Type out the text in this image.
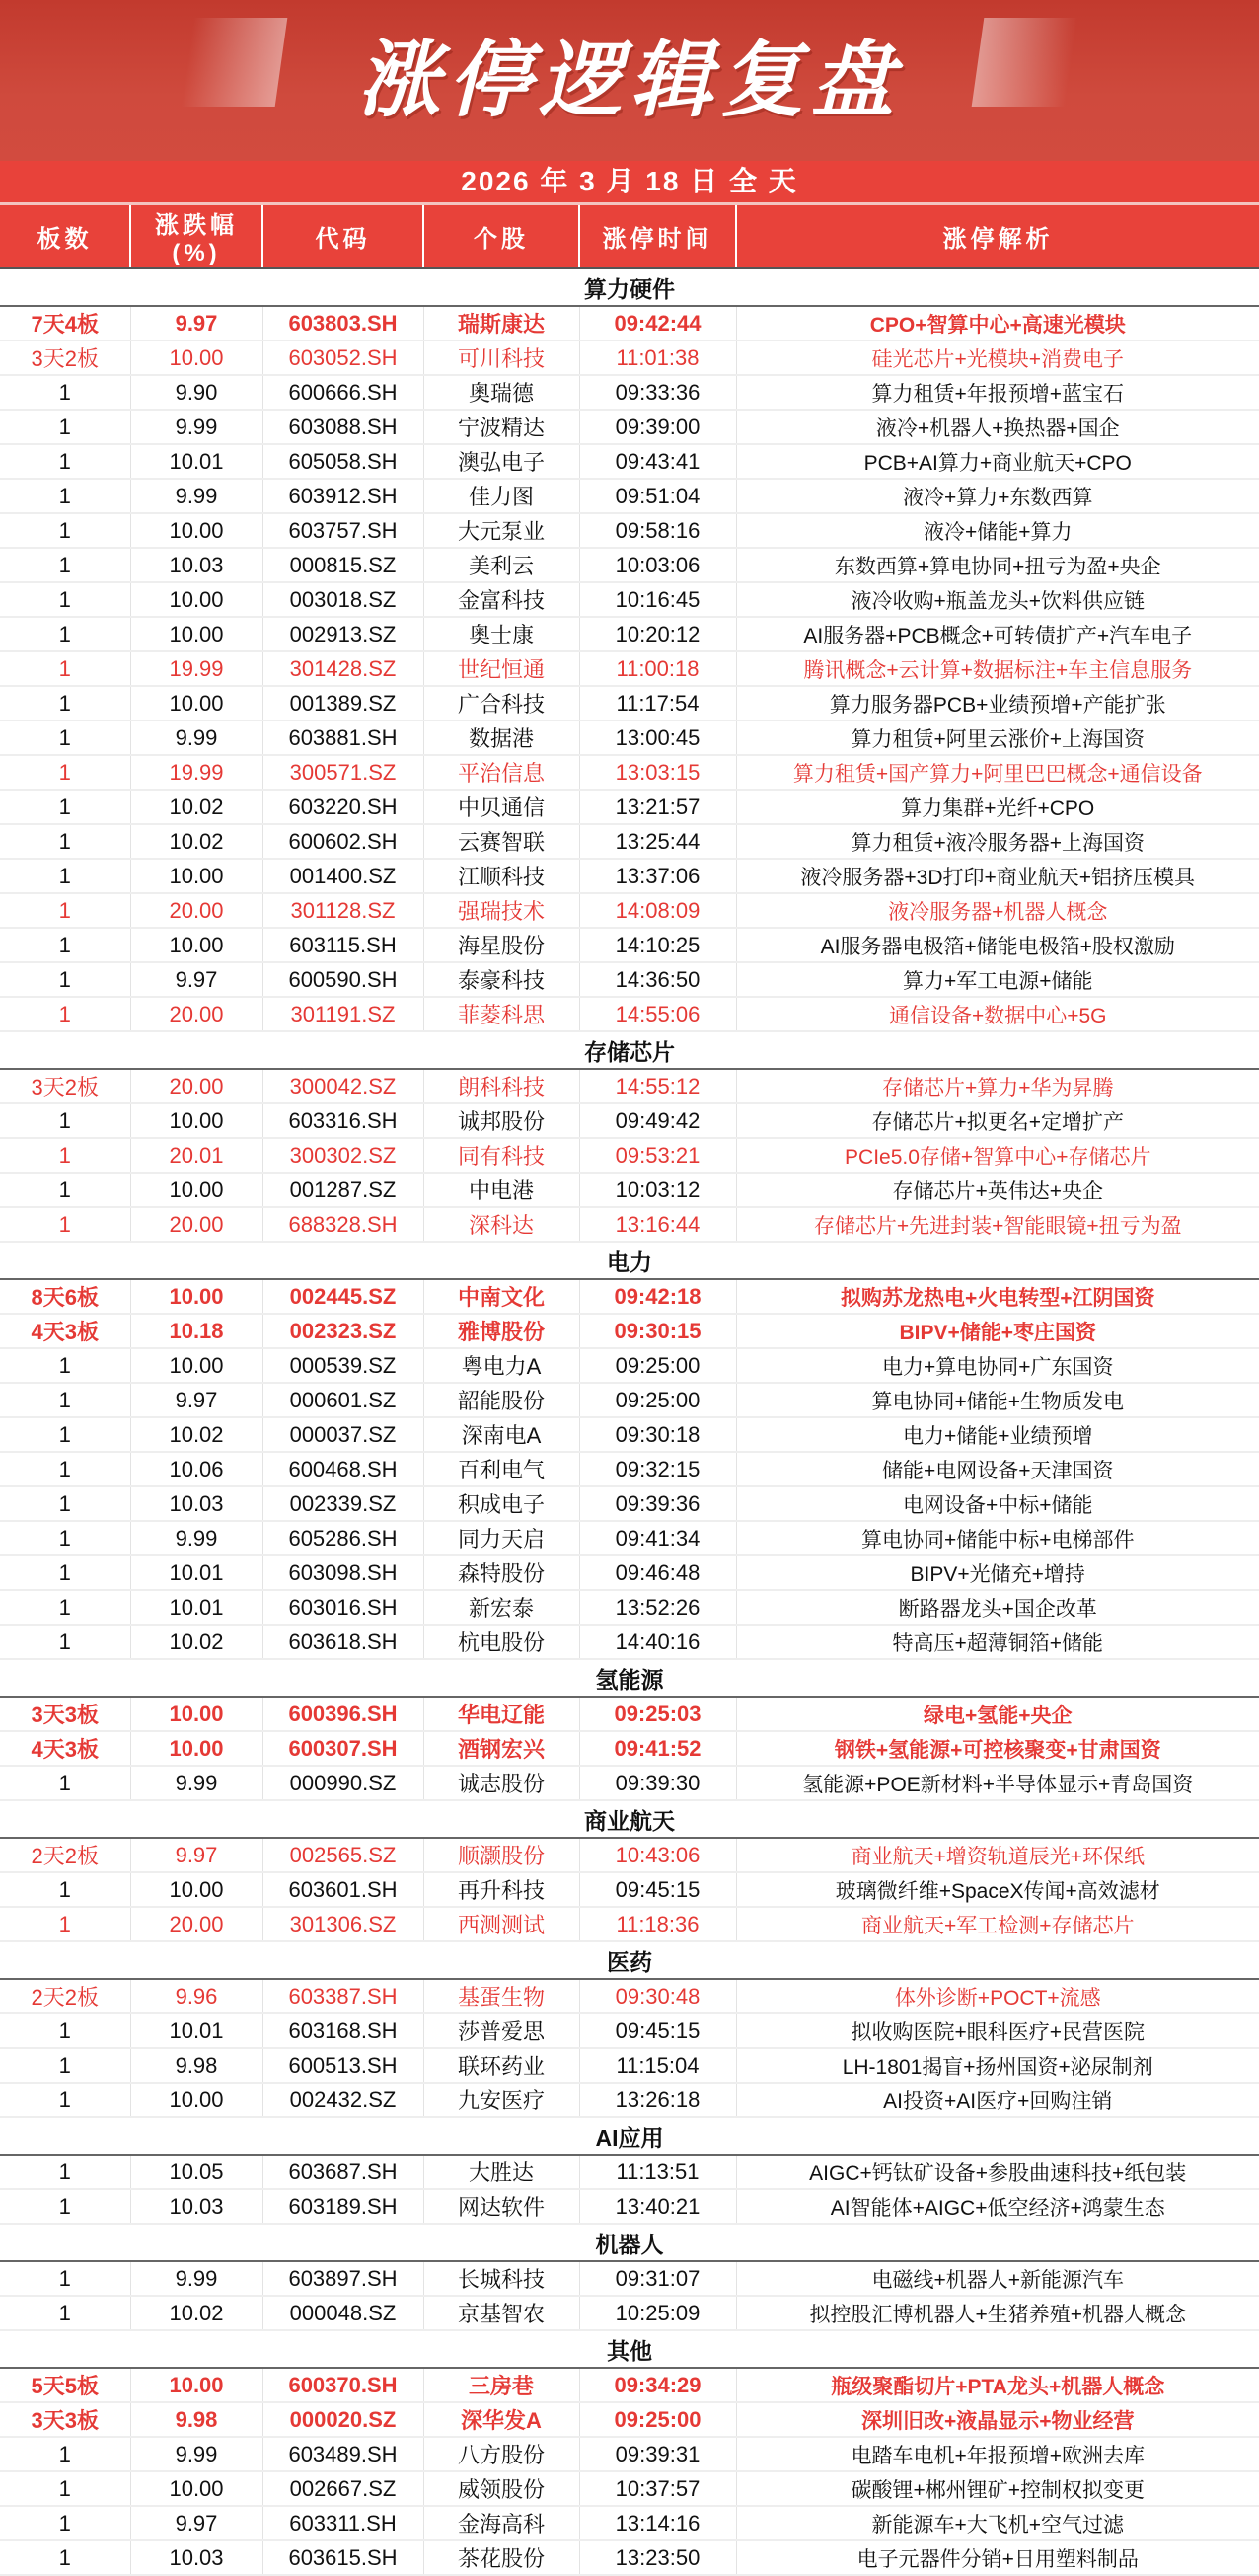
涨停逻辑复盘
2026 年 3 月 18 日 全 天
板数	涨跌幅(%)	代码	个股	涨停时间	涨停解析
算力硬件					
7天4板	9.97	603803.SH	瑞斯康达	09:42:44	CPO+智算中心+高速光模块
3天2板	10.00	603052.SH	可川科技	11:01:38	硅光芯片+光模块+消费电子
1	9.90	600666.SH	奥瑞德	09:33:36	算力租赁+年报预增+蓝宝石
1	9.99	603088.SH	宁波精达	09:39:00	液冷+机器人+换热器+国企
1	10.01	605058.SH	澳弘电子	09:43:41	PCB+AI算力+商业航天+CPO
1	9.99	603912.SH	佳力图	09:51:04	液冷+算力+东数西算
1	10.00	603757.SH	大元泵业	09:58:16	液冷+储能+算力
1	10.03	000815.SZ	美利云	10:03:06	东数西算+算电协同+扭亏为盈+央企
1	10.00	003018.SZ	金富科技	10:16:45	液冷收购+瓶盖龙头+饮料供应链
1	10.00	002913.SZ	奥士康	10:20:12	AI服务器+PCB概念+可转债扩产+汽车电子
1	19.99	301428.SZ	世纪恒通	11:00:18	腾讯概念+云计算+数据标注+车主信息服务
1	10.00	001389.SZ	广合科技	11:17:54	算力服务器PCB+业绩预增+产能扩张
1	9.99	603881.SH	数据港	13:00:45	算力租赁+阿里云涨价+上海国资
1	19.99	300571.SZ	平治信息	13:03:15	算力租赁+国产算力+阿里巴巴概念+通信设备
1	10.02	603220.SH	中贝通信	13:21:57	算力集群+光纤+CPO
1	10.02	600602.SH	云赛智联	13:25:44	算力租赁+液冷服务器+上海国资
1	10.00	001400.SZ	江顺科技	13:37:06	液冷服务器+3D打印+商业航天+铝挤压模具
1	20.00	301128.SZ	强瑞技术	14:08:09	液冷服务器+机器人概念
1	10.00	603115.SH	海星股份	14:10:25	AI服务器电极箔+储能电极箔+股权激励
1	9.97	600590.SH	泰豪科技	14:36:50	算力+军工电源+储能
1	20.00	301191.SZ	菲菱科思	14:55:06	通信设备+数据中心+5G
存储芯片					
3天2板	20.00	300042.SZ	朗科科技	14:55:12	存储芯片+算力+华为昇腾
1	10.00	603316.SH	诚邦股份	09:49:42	存储芯片+拟更名+定增扩产
1	20.01	300302.SZ	同有科技	09:53:21	PCIe5.0存储+智算中心+存储芯片
1	10.00	001287.SZ	中电港	10:03:12	存储芯片+英伟达+央企
1	20.00	688328.SH	深科达	13:16:44	存储芯片+先进封装+智能眼镜+扭亏为盈
电力					
8天6板	10.00	002445.SZ	中南文化	09:42:18	拟购苏龙热电+火电转型+江阴国资
4天3板	10.18	002323.SZ	雅博股份	09:30:15	BIPV+储能+枣庄国资
1	10.00	000539.SZ	粤电力A	09:25:00	电力+算电协同+广东国资
1	9.97	000601.SZ	韶能股份	09:25:00	算电协同+储能+生物质发电
1	10.02	000037.SZ	深南电A	09:30:18	电力+储能+业绩预增
1	10.06	600468.SH	百利电气	09:32:15	储能+电网设备+天津国资
1	10.03	002339.SZ	积成电子	09:39:36	电网设备+中标+储能
1	9.99	605286.SH	同力天启	09:41:34	算电协同+储能中标+电梯部件
1	10.01	603098.SH	森特股份	09:46:48	BIPV+光储充+增持
1	10.01	603016.SH	新宏泰	13:52:26	断路器龙头+国企改革
1	10.02	603618.SH	杭电股份	14:40:16	特高压+超薄铜箔+储能
氢能源					
3天3板	10.00	600396.SH	华电辽能	09:25:03	绿电+氢能+央企
4天3板	10.00	600307.SH	酒钢宏兴	09:41:52	钢铁+氢能源+可控核聚变+甘肃国资
1	9.99	000990.SZ	诚志股份	09:39:30	氢能源+POE新材料+半导体显示+青岛国资
商业航天					
2天2板	9.97	002565.SZ	顺灏股份	10:43:06	商业航天+增资轨道辰光+环保纸
1	10.00	603601.SH	再升科技	09:45:15	玻璃微纤维+SpaceX传闻+高效滤材
1	20.00	301306.SZ	西测测试	11:18:36	商业航天+军工检测+存储芯片
医药					
2天2板	9.96	603387.SH	基蛋生物	09:30:48	体外诊断+POCT+流感
1	10.01	603168.SH	莎普爱思	09:45:15	拟收购医院+眼科医疗+民营医院
1	9.98	600513.SH	联环药业	11:15:04	LH-1801揭盲+扬州国资+泌尿制剂
1	10.00	002432.SZ	九安医疗	13:26:18	AI投资+AI医疗+回购注销
AI应用					
1	10.05	603687.SH	大胜达	11:13:51	AIGC+钙钛矿设备+参股曲速科技+纸包装
1	10.03	603189.SH	网达软件	13:40:21	AI智能体+AIGC+低空经济+鸿蒙生态
机器人					
1	9.99	603897.SH	长城科技	09:31:07	电磁线+机器人+新能源汽车
1	10.02	000048.SZ	京基智农	10:25:09	拟控股汇博机器人+生猪养殖+机器人概念
其他					
5天5板	10.00	600370.SH	三房巷	09:34:29	瓶级聚酯切片+PTA龙头+机器人概念
3天3板	9.98	000020.SZ	深华发A	09:25:00	深圳旧改+液晶显示+物业经营
1	9.99	603489.SH	八方股份	09:39:31	电踏车电机+年报预增+欧洲去库
1	10.00	002667.SZ	威领股份	10:37:57	碳酸锂+郴州锂矿+控制权拟变更
1	9.97	603311.SH	金海高科	13:14:16	新能源车+大飞机+空气过滤
1	10.03	603615.SH	茶花股份	13:23:50	电子元器件分销+日用塑料制品
